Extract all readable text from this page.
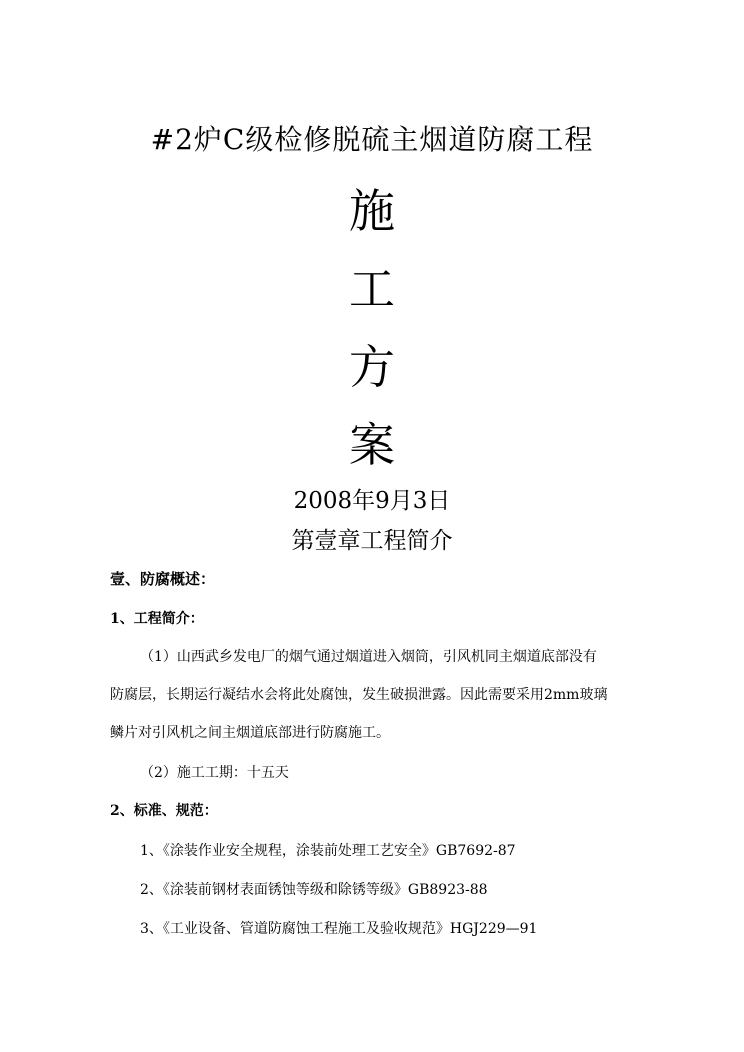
#2炉C级检修脱硫主烟道防腐工程
施
工
方
案
2008年9月3日
第壹章工程简介
壹、防腐概述：
1、工程简介：
（1）山西武乡发电厂的烟气通过烟道进入烟筒，引风机同主烟道底部没有
防腐层，长期运行凝结水会将此处腐蚀，发生破损泄露。因此需要采用2mm玻璃
鳞片对引风机之间主烟道底部进行防腐施工。
（2）施工工期：十五天
2、标准、规范：
1、《涂装作业安全规程，涂装前处理工艺安全》GB7692-87
2、《涂装前钢材表面锈蚀等级和除锈等级》GB8923-88
3、《工业设备、管道防腐蚀工程施工及验收规范》HGJ229—91
